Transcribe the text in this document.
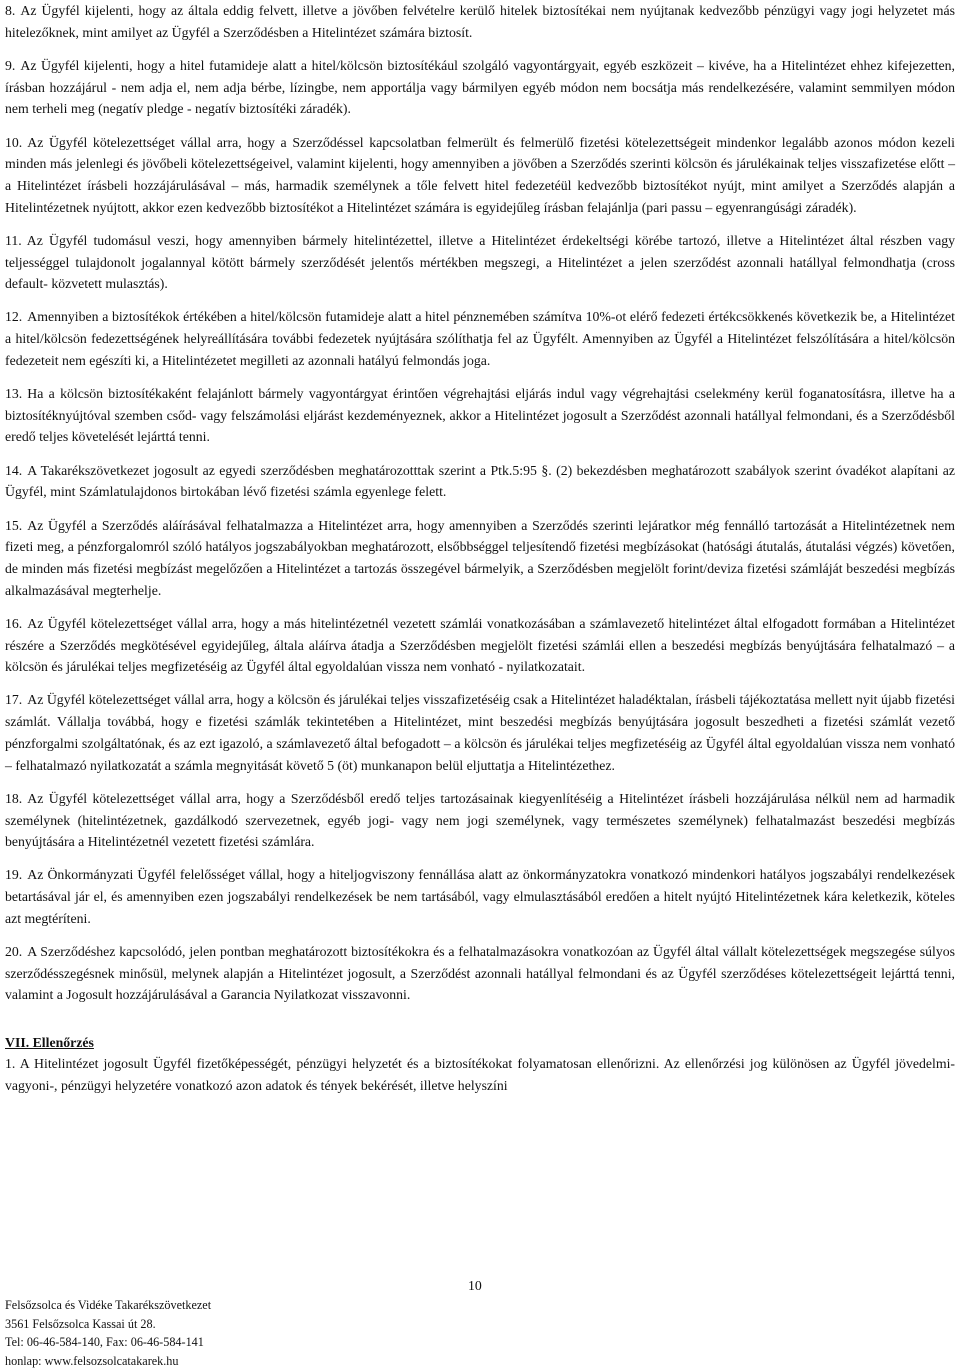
8. Az Ügyfél kijelenti, hogy az általa eddig felvett, illetve a jövőben felvételre kerülő hitelek biztosítékai nem nyújtanak kedvezőbb pénzügyi vagy jogi helyzetet más hitelezőknek, mint amilyet az Ügyfél a Szerződésben a Hitelintézet számára biztosít.

9. Az Ügyfél kijelenti, hogy a hitel futamideje alatt a hitel/kölcsön biztosítékául szolgáló vagyontárgyait, egyéb eszközeit – kivéve, ha a Hitelintézet ehhez kifejezetten, írásban hozzájárul - nem adja el, nem adja bérbe, lízingbe, nem apportálja vagy bármilyen egyéb módon nem bocsátja más rendelkezésére, valamint semmilyen módon nem terheli meg (negatív pledge - negatív biztosítéki záradék).

10. Az Ügyfél kötelezettséget vállal arra, hogy a Szerződéssel kapcsolatban felmerült és felmerülő fizetési kötelezettségeit mindenkor legalább azonos módon kezeli minden más jelenlegi és jövőbeli kötelezettségeivel, valamint kijelenti, hogy amennyiben a jövőben a Szerződés szerinti kölcsön és járulékainak teljes visszafizetése előtt – a Hitelintézet írásbeli hozzájárulásával – más, harmadik személynek a tőle felvett hitel fedezetéül kedvezőbb biztosítékot nyújt, mint amilyet a Szerződés alapján a Hitelintézetnek nyújtott, akkor ezen kedvezőbb biztosítékot a Hitelintézet számára is egyidejűleg írásban felajánlja (pari passu – egyenrangúsági záradék).

11. Az Ügyfél tudomásul veszi, hogy amennyiben bármely hitelintézettel, illetve a Hitelintézet érdekeltségi körébe tartozó, illetve a Hitelintézet által részben vagy teljességgel tulajdonolt jogalannyal kötött bármely szerződését jelentős mértékben megszegi, a Hitelintézet a jelen szerződést azonnali hatállyal felmondhatja (cross default- közvetett mulasztás).

12. Amennyiben a biztosítékok értékében a hitel/kölcsön futamideje alatt a hitel pénznemében számítva 10%-ot elérő fedezeti értékcsökkenés következik be, a Hitelintézet a hitel/kölcsön fedezettségének helyreállítására további fedezetek nyújtására szólíthatja fel az Ügyfélt. Amennyiben az Ügyfél a Hitelintézet felszólítására a hitel/kölcsön fedezeteit nem egészíti ki, a Hitelintézetet megilleti az azonnali hatályú felmondás joga.

13. Ha a kölcsön biztosítékaként felajánlott bármely vagyontárgyat érintően végrehajtási eljárás indul vagy végrehajtási cselekmény kerül foganatosításra, illetve ha a biztosítéknyújtóval szemben csőd- vagy felszámolási eljárást kezdeményeznek, akkor a Hitelintézet jogosult a Szerződést azonnali hatállyal felmondani, és a Szerződésből eredő teljes követelését lejárttá tenni.

14. A Takarékszövetkezet jogosult az egyedi szerződésben meghatározotttak szerint a Ptk.5:95 §. (2) bekezdésben meghatározott szabályok szerint óvadékot alapítani az Ügyfél, mint Számlatulajdonos birtokában lévő fizetési számla egyenlege felett.

15. Az Ügyfél a Szerződés aláírásával felhatalmazza a Hitelintézet arra, hogy amennyiben a Szerződés szerinti lejáratkor még fennálló tartozását a Hitelintézetnek nem fizeti meg, a pénzforgalomról szóló hatályos jogszabályokban meghatározott, elsőbbséggel teljesítendő fizetési megbízásokat (hatósági átutalás, átutalási végzés) követően, de minden más fizetési megbízást megelőzően a Hitelintézet a tartozás összegével bármelyik, a Szerződésben megjelölt forint/deviza fizetési számláját beszedési megbízás alkalmazásával megterhelje.

16. Az Ügyfél kötelezettséget vállal arra, hogy a más hitelintézetnél vezetett számlái vonatkozásában a számlavezető hitelintézet által elfogadott formában a Hitelintézet részére a Szerződés megkötésével egyidejűleg, általa aláírva átadja a Szerződésben megjelölt fizetési számlái ellen a beszedési megbízás benyújtására felhatalmazó – a kölcsön és járulékai teljes megfizetéséig az Ügyfél által egyoldalúan vissza nem vonható - nyilatkozatait.

17. Az Ügyfél kötelezettséget vállal arra, hogy a kölcsön és járulékai teljes visszafizetéséig csak a Hitelintézet haladéktalan, írásbeli tájékoztatása mellett nyit újabb fizetési számlát. Vállalja továbbá, hogy e fizetési számlák tekintetében a Hitelintézet, mint beszedési megbízás benyújtására jogosult beszedheti a fizetési számlát vezető pénzforgalmi szolgáltatónak, és az ezt igazoló, a számlavezető által befogadott – a kölcsön és járulékai teljes megfizetéséig az Ügyfél által egyoldalúan vissza nem vonható – felhatalmazó nyilatkozatát a számla megnyitását követő 5 (öt) munkanapon belül eljuttatja a Hitelintézethez.

18. Az Ügyfél kötelezettséget vállal arra, hogy a Szerződésből eredő teljes tartozásainak kiegyenlítéséig a Hitelintézet írásbeli hozzájárulása nélkül nem ad harmadik személynek (hitelintézetnek, gazdálkodó szervezetnek, egyéb jogi- vagy nem jogi személynek, vagy természetes személynek) felhatalmazást beszedési megbízás benyújtására a Hitelintézetnél vezetett fizetési számlára.

19. Az Önkormányzati Ügyfél felelősséget vállal, hogy a hiteljogviszony fennállása alatt az önkormányzatokra vonatkozó mindenkori hatályos jogszabályi rendelkezések betartásával jár el, és amennyiben ezen jogszabályi rendelkezések be nem tartásából, vagy elmulasztásából eredően a hitelt nyújtó Hitelintézetnek kára keletkezik, köteles azt megtéríteni.

20. A Szerződéshez kapcsolódó, jelen pontban meghatározott biztosítékokra és a felhatalmazásokra vonatkozóan az Ügyfél által vállalt kötelezettségek megszegése súlyos szerződésszegésnek minősül, melynek alapján a Hitelintézet jogosult, a Szerződést azonnali hatállyal felmondani és az Ügyfél szerződéses kötelezettségeit lejárttá tenni, valamint a Jogosult hozzájárulásával a Garancia Nyilatkozat visszavonni.

VII. Ellenőrzés

1. A Hitelintézet jogosult Ügyfél fizetőképességét, pénzügyi helyzetét és a biztosítékokat folyamatosan ellenőrizni. Az ellenőrzési jog különösen az Ügyfél jövedelmi- vagyoni-, pénzügyi helyzetére vonatkozó azon adatok és tények bekérését, illetve helyszíni

10
Felsőzsolca és Vidéke Takarékszövetkezet
3561 Felsőzsolca Kassai út 28.
Tel: 06-46-584-140, Fax: 06-46-584-141
honlap: www.felsozsolcatakarek.hu
